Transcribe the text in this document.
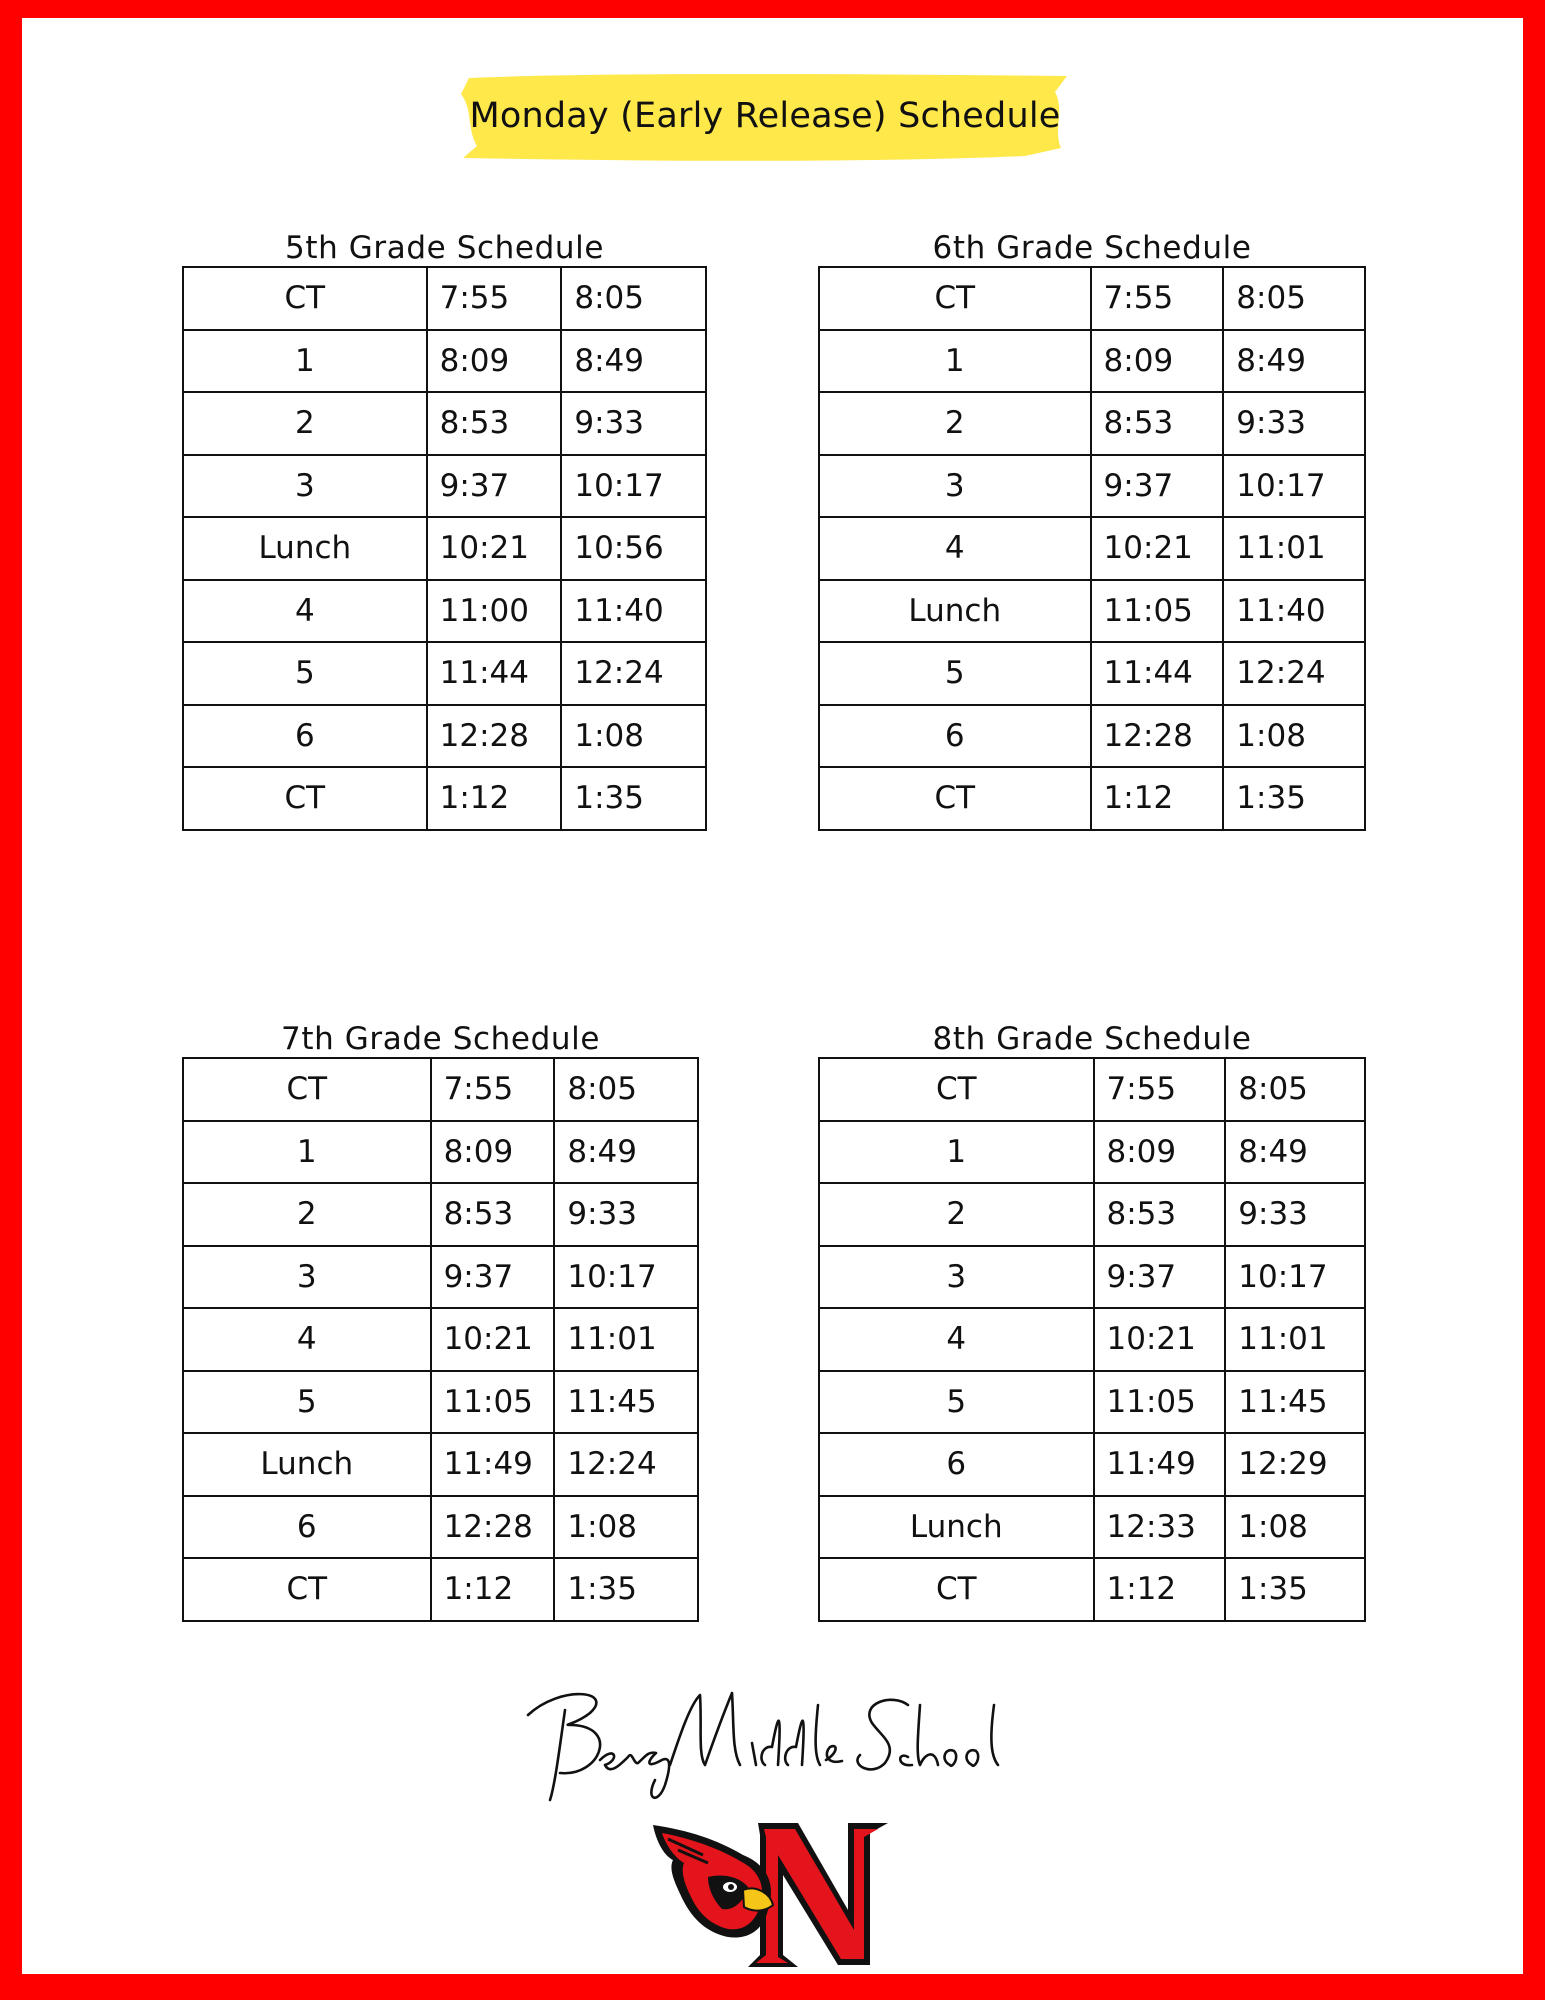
Monday (Early Release) Schedule
5th Grade Schedule
CT	7:55	8:05
1	8:09	8:49
2	8:53	9:33
3	9:37	10:17
Lunch	10:21	10:56
4	11:00	11:40
5	11:44	12:24
6	12:28	1:08
CT	1:12	1:35
6th Grade Schedule
CT	7:55	8:05
1	8:09	8:49
2	8:53	9:33
3	9:37	10:17
4	10:21	11:01
Lunch	11:05	11:40
5	11:44	12:24
6	12:28	1:08
CT	1:12	1:35
7th Grade Schedule
CT	7:55	8:05
1	8:09	8:49
2	8:53	9:33
3	9:37	10:17
4	10:21	11:01
5	11:05	11:45
Lunch	11:49	12:24
6	12:28	1:08
CT	1:12	1:35
8th Grade Schedule
CT	7:55	8:05
1	8:09	8:49
2	8:53	9:33
3	9:37	10:17
4	10:21	11:01
5	11:05	11:45
6	11:49	12:29
Lunch	12:33	1:08
CT	1:12	1:35
